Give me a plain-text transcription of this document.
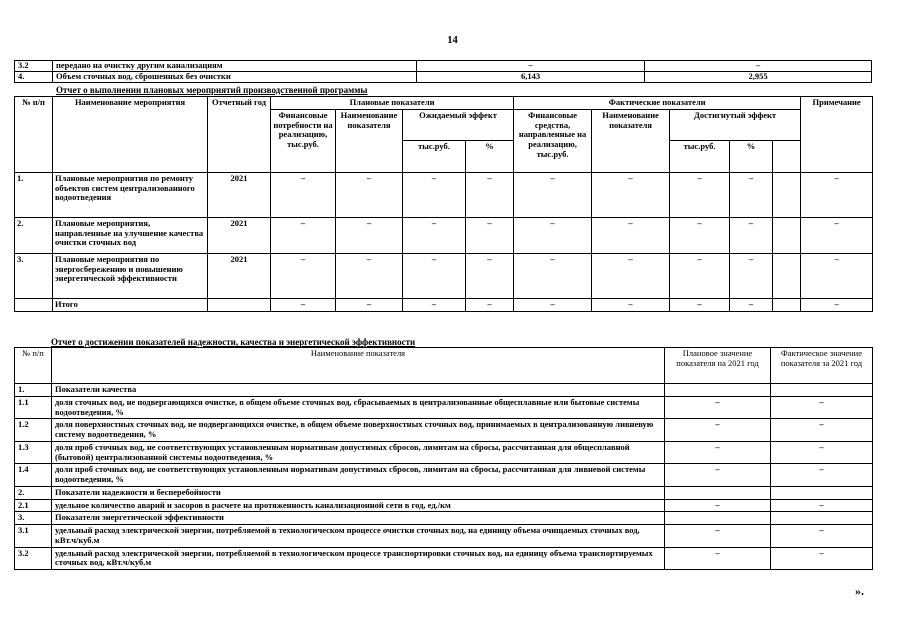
14
3.2	передано на очистку другим канализациям	–	–
4.	Объем сточных вод, сброшенных без очистки	6,143	2,955
Отчет о выполнении плановых мероприятий производственной программы
№ п/п	Наименование мероприятия	Отчетный год	Плановые показатели				Фактические показатели					Примечание
			Финансовые потребности на реализацию, тыс.руб.	Наименование показателя	Ожидаемый эффект		Финансовые средства, направленные на реализацию, тыс.руб.	Наименование показателя	Достигнутый эффект			
					тыс.руб.	%			тыс.руб.	%		
1.	Плановые мероприятия по ремонту объектов систем централизованного водоотведения	2021	–	–	–	–	–	–	–	–		–
2.	Плановые мероприятия, направленные на улучшение качества очистки сточных вод	2021	–	–	–	–	–	–	–	–		–
3.	Плановые мероприятия по энергосбережению и повышению энергетической эффективности	2021	–	–	–	–	–	–	–	–		–
	Итого		–	–	–	–	–	–	–	–		–
Отчет о достижении показателей надежности, качества и энергетической эффективности
№ п/п	Наименование показателя	Плановое значение показателя на 2021 год	Фактическое значение показателя за 2021 год
1.	Показатели качества		
1.1	доля сточных вод, не подвергающихся очистке, в общем объеме сточных вод, сбрасываемых в централизованные общесплавные или бытовые системы водоотведения, %	–	–
1.2	доля поверхностных сточных вод, не подвергающихся очистке, в общем объеме поверхностных сточных вод, принимаемых в централизованную ливневую систему водоотведения, %	–	–
1.3	доля проб сточных вод, не соответствующих установленным нормативам допустимых сбросов, лимитам на сбросы, рассчитанная для общесплавной (бытовой) централизованной системы водоотведения, %	–	–
1.4	доля проб сточных вод, не соответствующих установленным нормативам допустимых сбросов, лимитам на сбросы, рассчитанная для ливневой системы водоотведения, %	–	–
2.	Показатели надежности и бесперебойности		
2.1	удельное количество аварий и засоров в расчете на протяженность канализационной сети в год, ед./км	–	–
3.	Показатели энергетической эффективности		
3.1	удельный расход электрической энергии, потребляемой в технологическом процессе очистки сточных вод, на единицу объема очищаемых сточных вод, кВт.ч/куб.м	–	–
3.2	удельный расход электрической энергии, потребляемой в технологическом процессе транспортировки сточных вод, на единицу объема транспортируемых сточных вод, кВт.ч/куб.м	–	–
».
